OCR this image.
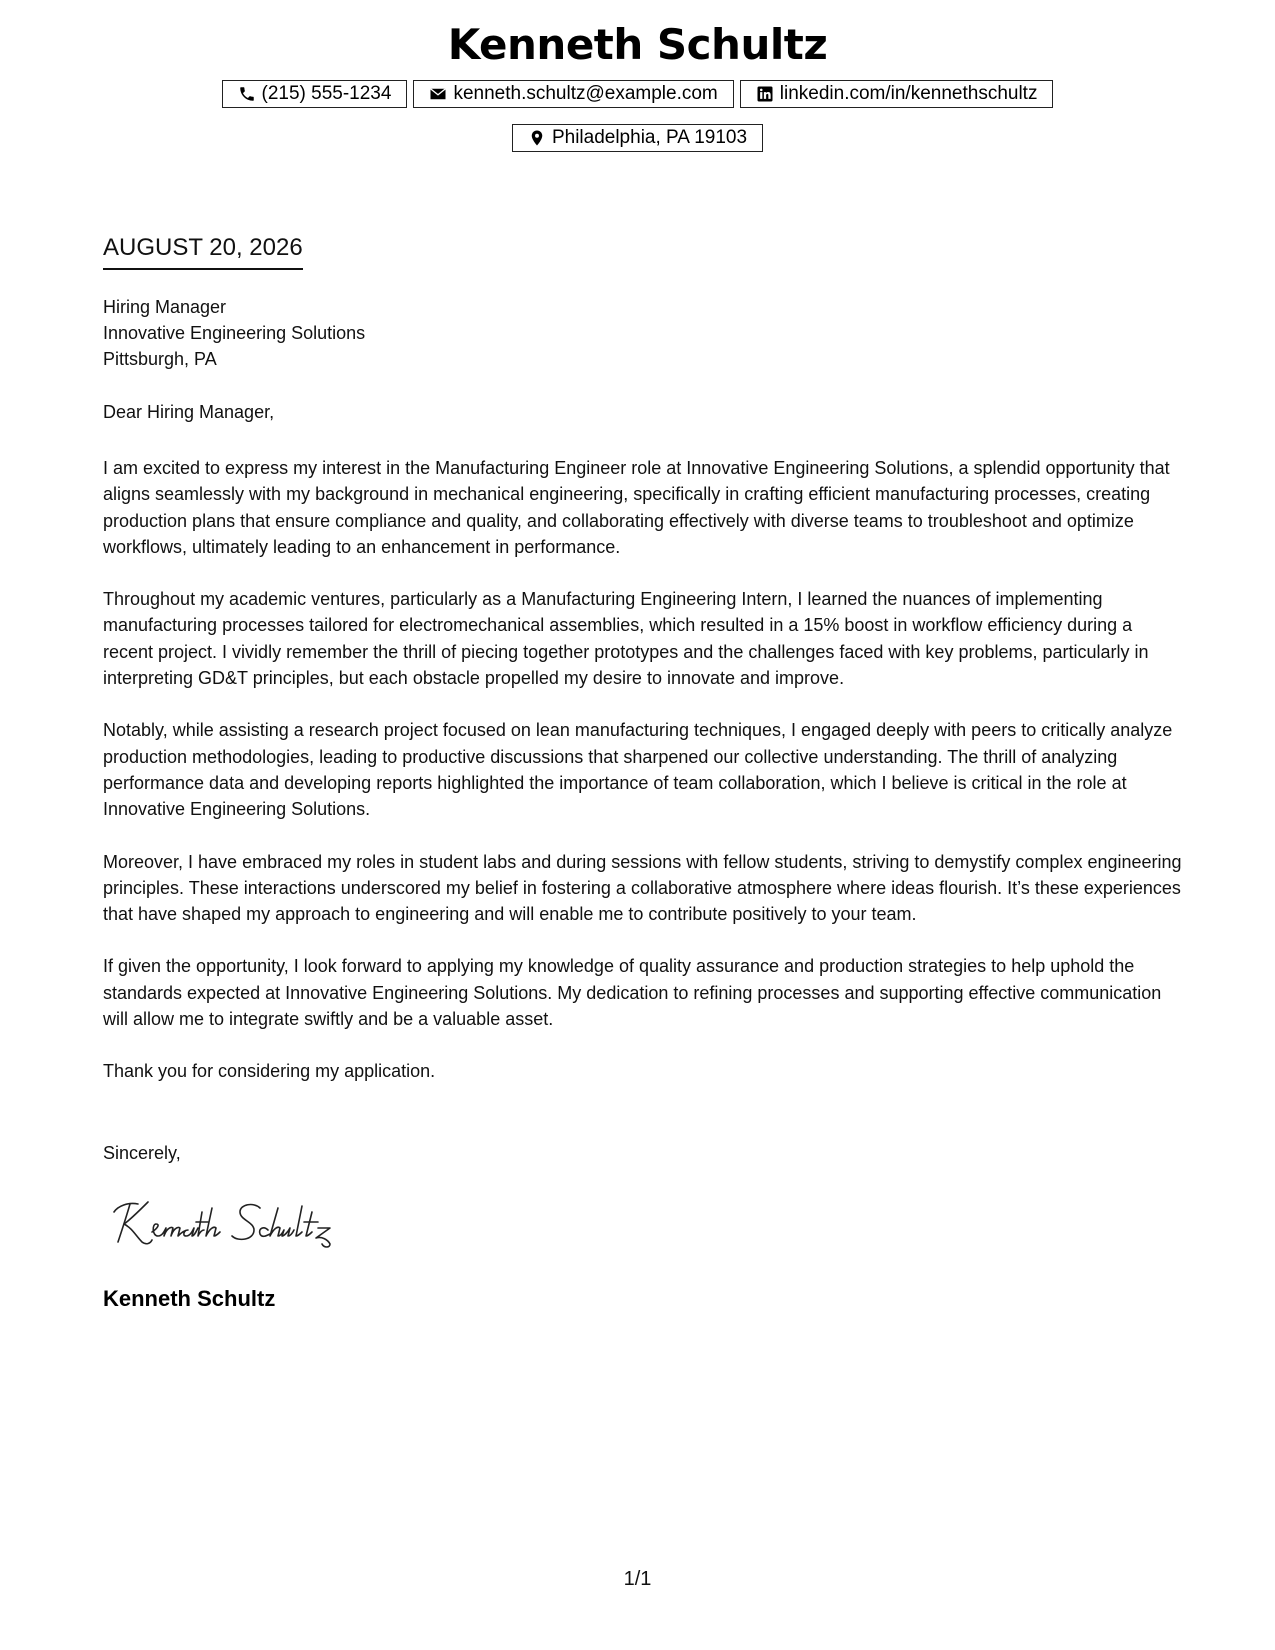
Kenneth Schultz
(215) 555-1234	kenneth.schultz@example.com	linkedin.com/in/kennethschultz
Philadelphia, PA 19103
AUGUST 20, 2026
Hiring Manager
Innovative Engineering Solutions
Pittsburgh, PA
Dear Hiring Manager,

I am excited to express my interest in the Manufacturing Engineer role at Innovative Engineering Solutions, a splendid opportunity that aligns seamlessly with my background in mechanical engineering, specifically in crafting efficient manufacturing processes, creating production plans that ensure compliance and quality, and collaborating effectively with diverse teams to troubleshoot and optimize workflows, ultimately leading to an enhancement in performance.

Throughout my academic ventures, particularly as a Manufacturing Engineering Intern, I learned the nuances of implementing manufacturing processes tailored for electromechanical assemblies, which resulted in a 15% boost in workflow efficiency during a recent project. I vividly remember the thrill of piecing together prototypes and the challenges faced with key problems, particularly in interpreting GD&T principles, but each obstacle propelled my desire to innovate and improve.

Notably, while assisting a research project focused on lean manufacturing techniques, I engaged deeply with peers to critically analyze production methodologies, leading to productive discussions that sharpened our collective understanding. The thrill of analyzing performance data and developing reports highlighted the importance of team collaboration, which I believe is critical in the role at Innovative Engineering Solutions.

Moreover, I have embraced my roles in student labs and during sessions with fellow students, striving to demystify complex engineering principles. These interactions underscored my belief in fostering a collaborative atmosphere where ideas flourish. It’s these experiences that have shaped my approach to engineering and will enable me to contribute positively to your team.

If given the opportunity, I look forward to applying my knowledge of quality assurance and production strategies to help uphold the standards expected at Innovative Engineering Solutions. My dedication to refining processes and supporting effective communication will allow me to integrate swiftly and be a valuable asset.

Thank you for considering my application.

Sincerely,
Kenneth Schultz
1/1
